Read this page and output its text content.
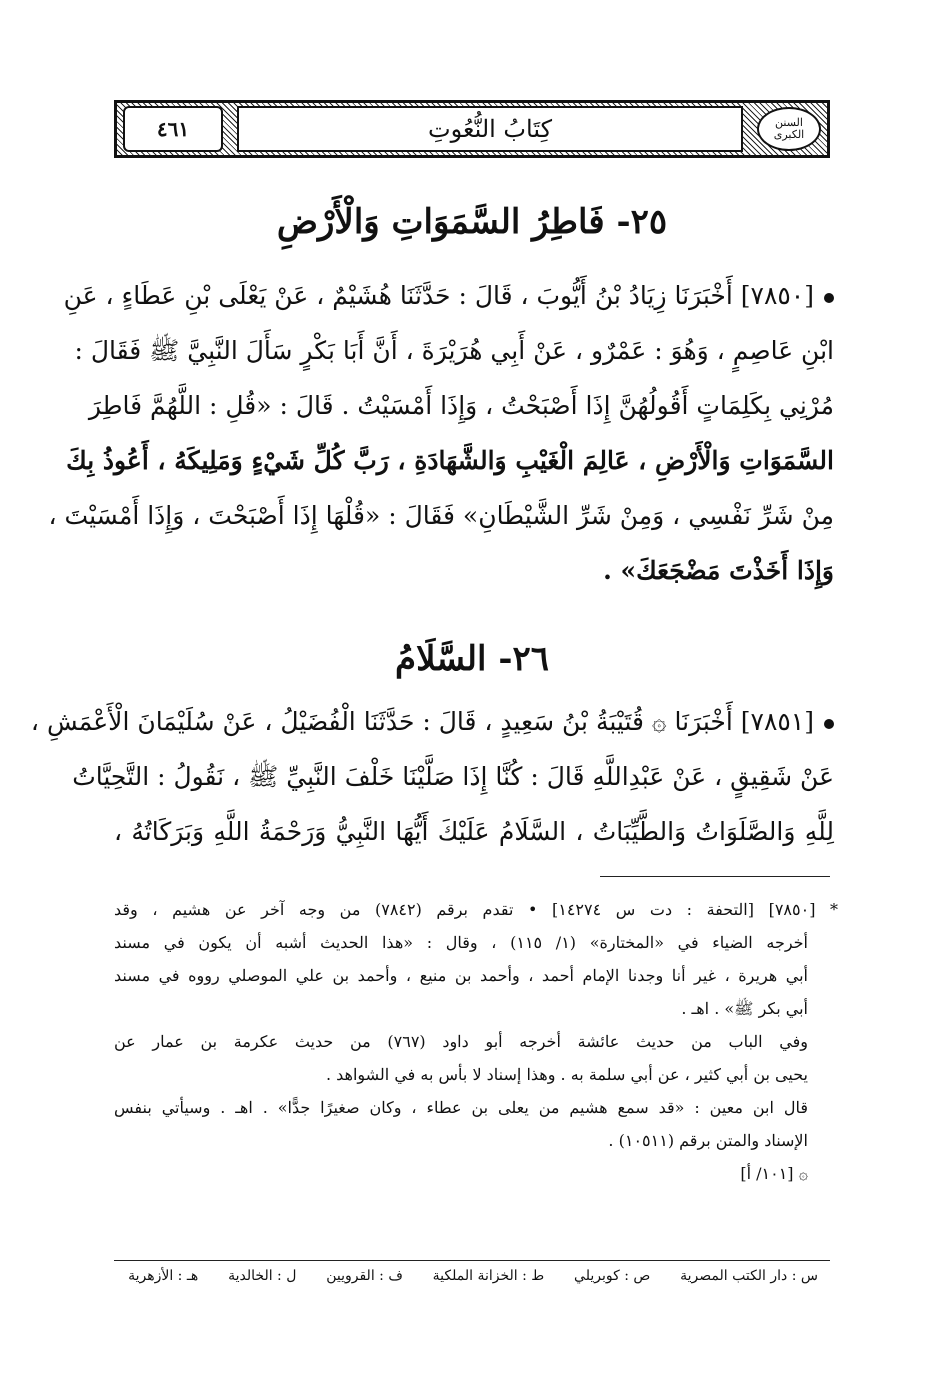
السنن الكبرى
كِتَابُ النُّعُوتِ
٤٦١
٢٥- فَاطِرُ السَّمَوَاتِ وَالْأَرْضِ
[٧٨٥٠] أَخْبَرَنَا زِيَادُ بْنُ أَيُّوبَ ، قَالَ : حَدَّثَنَا هُشَيْمٌ ، عَنْ يَعْلَى بْنِ عَطَاءٍ ، عَنِ
ابْنِ عَاصِمٍ ، وَهُوَ : عَمْرٌو ، عَنْ أَبِي هُرَيْرَةَ ، أَنَّ أَبَا بَكْرٍ سَأَلَ النَّبِيَّ ﷺ فَقَالَ :
مُرْنِي بِكَلِمَاتٍ أَقُولُهُنَّ إِذَا أَصْبَحْتُ ، وَإِذَا أَمْسَيْتُ . قَالَ : «قُلِ : اللَّهُمَّ فَاطِرَ
السَّمَوَاتِ وَالْأَرْضِ ، عَالِمَ الْغَيْبِ وَالشَّهَادَةِ ، رَبَّ كُلِّ شَيْءٍ وَمَلِيكَهُ ، أَعُوذُ بِكَ
مِنْ شَرِّ نَفْسِي ، وَمِنْ شَرِّ الشَّيْطَانِ» فَقَالَ : «قُلْهَا إِذَا أَصْبَحْتَ ، وَإِذَا أَمْسَيْتَ ،
وَإِذَا أَخَذْتَ مَضْجَعَكَ» .
٢٦- السَّلَامُ
[٧٨٥١] أَخْبَرَنَا ۞ قُتَيْبَةُ بْنُ سَعِيدٍ ، قَالَ : حَدَّثَنَا الْفُضَيْلُ ، عَنْ سُلَيْمَانَ الْأَعْمَشِ ،
عَنْ شَقِيقٍ ، عَنْ عَبْدِاللَّهِ قَالَ : كُنَّا إِذَا صَلَّيْنَا خَلْفَ النَّبِيِّ ﷺ ، نَقُولُ : التَّحِيَّاتُ
لِلَّهِ وَالصَّلَوَاتُ وَالطَّيِّبَاتُ ، السَّلَامُ عَلَيْكَ أَيُّهَا النَّبِيُّ وَرَحْمَةُ اللَّهِ وَبَرَكَاتُهُ ،
* [٧٨٥٠] [التحفة : دت س ١٤٢٧٤] • تقدم برقم (٧٨٤٢) من وجه آخر عن هشيم ، وقد
أخرجه الضياء في «المختارة» (١/ ١١٥) ، وقال : «هذا الحديث أشبه أن يكون في مسند
أبي هريرة ، غير أنا وجدنا الإمام أحمد ، وأحمد بن منيع ، وأحمد بن علي الموصلي رووه في مسند
أبي بكر ﷺ» . اهـ .
وفي الباب من حديث عائشة أخرجه أبو داود (٧٦٧) من حديث عكرمة بن عمار عن
يحيى بن أبي كثير ، عن أبي سلمة به . وهذا إسناد لا بأس به في الشواهد .
قال ابن معين : «قد سمع هشيم من يعلى بن عطاء ، وكان صغيرًا جدًّا» . اهـ . وسيأتي بنفس
الإسناد والمتن برقم (١٠٥١١) .
۞ [١٠١/ أ]
س : دار الكتب المصرية
ص : كوبريلي
ط : الخزانة الملكية
ف : القرويين
ل : الخالدية
هـ : الأزهرية
